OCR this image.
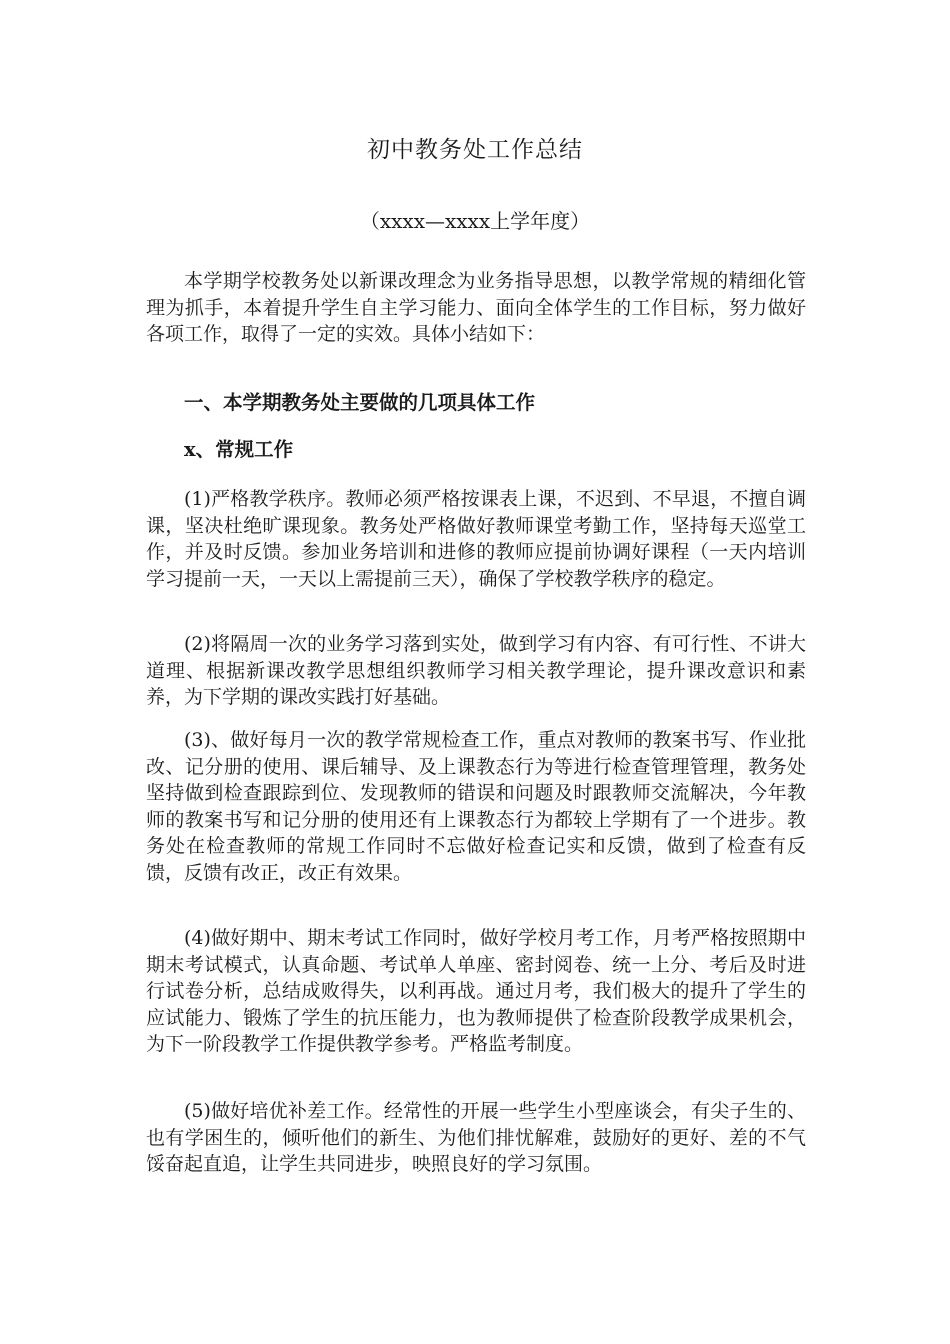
初中教务处工作总结
（xxxx—xxxx上学年度）

本学期学校教务处以新课改理念为业务指导思想，以教学常规的精细化管理为抓手，本着提升学生自主学习能力、面向全体学生的工作目标，努力做好各项工作，取得了一定的实效。具体小结如下：

一、本学期教务处主要做的几项具体工作

x、常规工作

(1)严格教学秩序。教师必须严格按课表上课，不迟到、不早退，不擅自调课，坚决杜绝旷课现象。教务处严格做好教师课堂考勤工作，坚持每天巡堂工作，并及时反馈。参加业务培训和进修的教师应提前协调好课程（一天内培训学习提前一天，一天以上需提前三天），确保了学校教学秩序的稳定。

(2)将隔周一次的业务学习落到实处，做到学习有内容、有可行性、不讲大道理、根据新课改教学思想组织教师学习相关教学理论，提升课改意识和素养，为下学期的课改实践打好基础。

(3)、做好每月一次的教学常规检查工作，重点对教师的教案书写、作业批改、记分册的使用、课后辅导、及上课教态行为等进行检查管理管理，教务处坚持做到检查跟踪到位、发现教师的错误和问题及时跟教师交流解决，今年教师的教案书写和记分册的使用还有上课教态行为都较上学期有了一个进步。教务处在检查教师的常规工作同时不忘做好检查记实和反馈，做到了检查有反馈，反馈有改正，改正有效果。

(4)做好期中、期末考试工作同时，做好学校月考工作，月考严格按照期中期末考试模式，认真命题、考试单人单座、密封阅卷、统一上分、考后及时进行试卷分析，总结成败得失，以利再战。通过月考，我们极大的提升了学生的应试能力、锻炼了学生的抗压能力，也为教师提供了检查阶段教学成果机会，为下一阶段教学工作提供教学参考。严格监考制度。

(5)做好培优补差工作。经常性的开展一些学生小型座谈会，有尖子生的、也有学困生的，倾听他们的新生、为他们排忧解难，鼓励好的更好、差的不气馁奋起直追，让学生共同进步，映照良好的学习氛围。
